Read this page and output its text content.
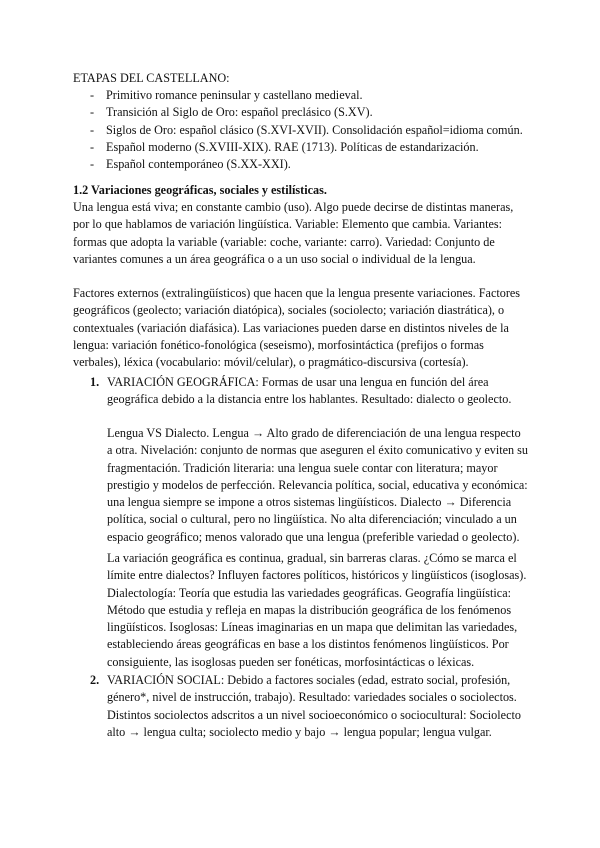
ETAPAS DEL CASTELLANO:

- Primitivo romance peninsular y castellano medieval.
- Transición al Siglo de Oro: español preclásico (S.XV).
- Siglos de Oro: español clásico (S.XVI-XVII). Consolidación español=idioma común.
- Español moderno (S.XVIII-XIX). RAE (1713). Políticas de estandarización.
- Español contemporáneo (S.XX-XXI).

1.2 Variaciones geográficas, sociales y estilísticas.

Una lengua está viva; en constante cambio (uso). Algo puede decirse de distintas maneras, por lo que hablamos de variación lingüística. Variable: Elemento que cambia. Variantes: formas que adopta la variable (variable: coche, variante: carro). Variedad: Conjunto de variantes comunes a un área geográfica o a un uso social o individual de la lengua.

Factores externos (extralingüísticos) que hacen que la lengua presente variaciones. Factores geográficos (geolecto; variación diatópica), sociales (sociolecto; variación diastrática), o contextuales (variación diafásica). Las variaciones pueden darse en distintos niveles de la lengua: variación fonético-fonológica (seseismo), morfosintáctica (prefijos o formas verbales), léxica (vocabulario: móvil/celular), o pragmático-discursiva (cortesía).

1. VARIACIÓN GEOGRÁFICA: Formas de usar una lengua en función del área geográfica debido a la distancia entre los hablantes. Resultado: dialecto o geolecto.

Lengua VS Dialecto. Lengua → Alto grado de diferenciación de una lengua respecto a otra. Nivelación: conjunto de normas que aseguren el éxito comunicativo y eviten su fragmentación. Tradición literaria: una lengua suele contar con literatura; mayor prestigio y modelos de perfección. Relevancia política, social, educativa y económica: una lengua siempre se impone a otros sistemas lingüísticos. Dialecto → Diferencia política, social o cultural, pero no lingüística. No alta diferenciación; vinculado a un espacio geográfico; menos valorado que una lengua (preferible variedad o geolecto).

La variación geográfica es continua, gradual, sin barreras claras. ¿Cómo se marca el límite entre dialectos? Influyen factores políticos, históricos y lingüísticos (isoglosas). Dialectología: Teoría que estudia las variedades geográficas. Geografía lingüística: Método que estudia y refleja en mapas la distribución geográfica de los fenómenos lingüísticos. Isoglosas: Líneas imaginarias en un mapa que delimitan las variedades, estableciendo áreas geográficas en base a los distintos fenómenos lingüísticos. Por consiguiente, las isoglosas pueden ser fonéticas, morfosintácticas o léxicas.

2. VARIACIÓN SOCIAL: Debido a factores sociales (edad, estrato social, profesión, género*, nivel de instrucción, trabajo). Resultado: variedades sociales o sociolectos. Distintos sociolectos adscritos a un nivel socioeconómico o sociocultural: Sociolecto alto → lengua culta; sociolecto medio y bajo → lengua popular; lengua vulgar.
